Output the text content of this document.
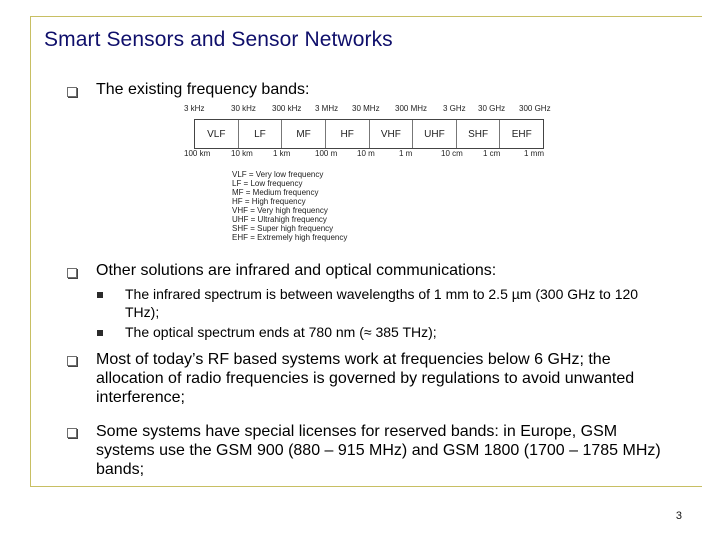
Smart Sensors and Sensor Networks
The existing frequency bands:
3 kHz	30 kHz 300 kHz 3 MHz 30 MHz 300 MHz 3 GHz 30 GHz 300 GHz
VLF	LF	MF	HF	VHF	UHF	SHF	EHF
100 km	10 km	1 km	100 m 10 m	1 m	10 cm	1 cm	1 mm
VLF = Very low frequency
LF = Low frequency
MF = Medium frequency
HF = High frequency
VHF = Very high frequency
UHF = Ultrahigh frequency
SHF = Super high frequency
EHF = Extremely high frequency
Other solutions are infrared and optical communications:
The infrared spectrum is between wavelengths of 1 mm to 2.5 µm (300 GHz to 120 THz);
The optical spectrum ends at 780 nm (≈ 385 THz);
Most of today’s RF based systems work at frequencies below 6 GHz; the allocation of radio frequencies is governed by regulations to avoid unwanted interference;
Some systems have special licenses for reserved bands: in Europe, GSM systems use the GSM 900 (880 – 915 MHz) and GSM 1800 (1700 – 1785 MHz) bands;
3
